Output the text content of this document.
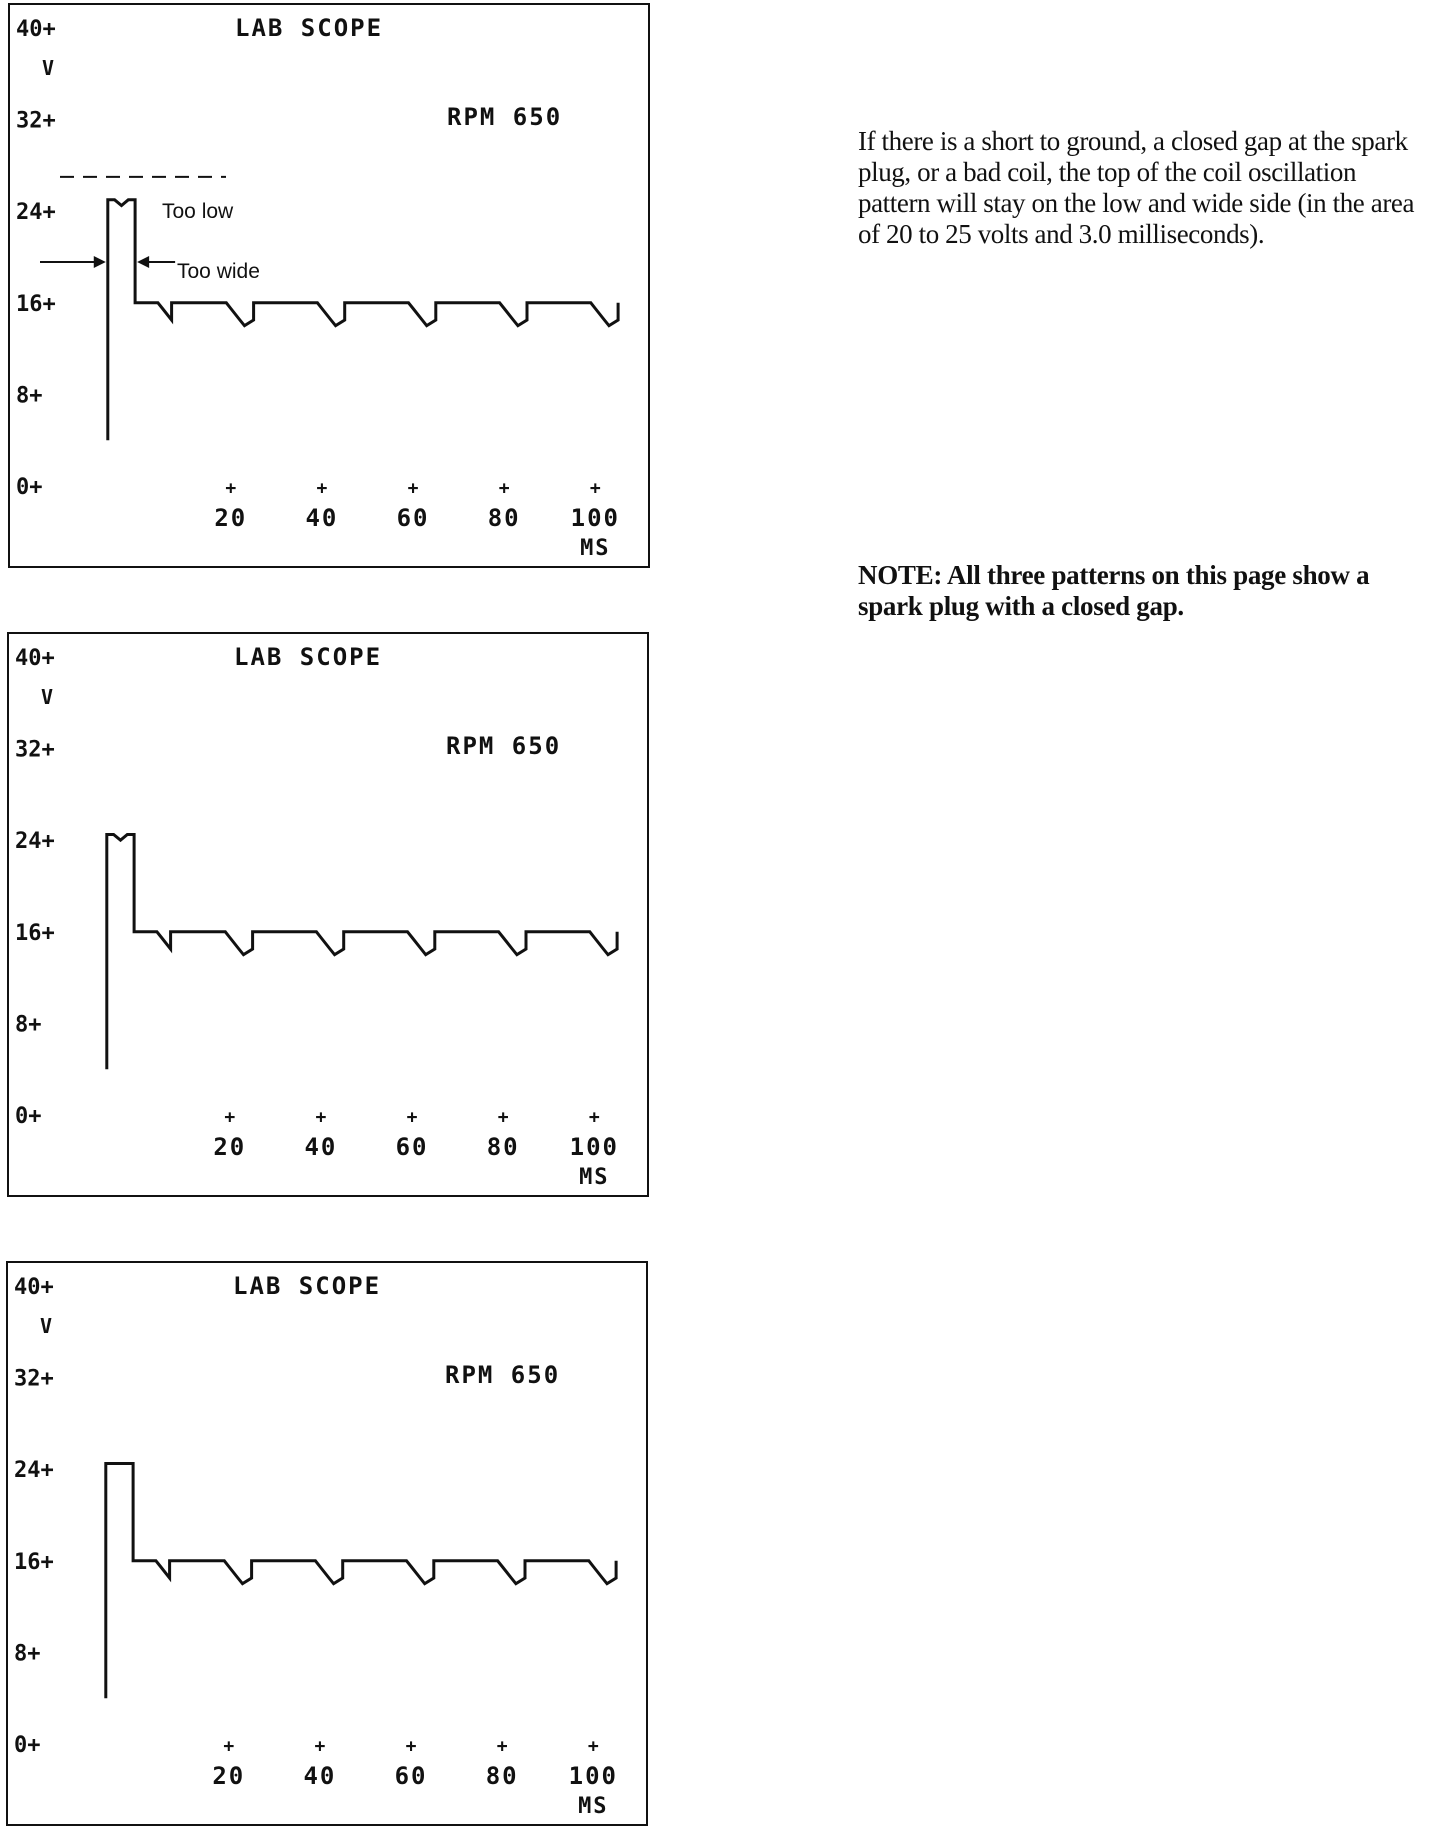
LAB SCOPE
RPM 650
V
40+
32+
24+
16+
8+
0+	+
20
+
40
+
60
+
80
+
100
MS
Too low
Too wide
LAB SCOPE
RPM 650
V
40+
32+
24+
16+
8+
0+	+
20
+
40
+
60
+
80
+
100
MS
LAB SCOPE
RPM 650
V
40+
32+
24+
16+
8+
0+	+
20
+
40
+
60
+
80
+
100
MS

If there is a short to ground, a closed gap at the spark plug, or a bad coil, the top of the coil oscillation pattern will stay on the low and wide side (in the area of 20 to 25 volts and 3.0 milliseconds).

NOTE: All three patterns on this page show a spark plug with a closed gap.
